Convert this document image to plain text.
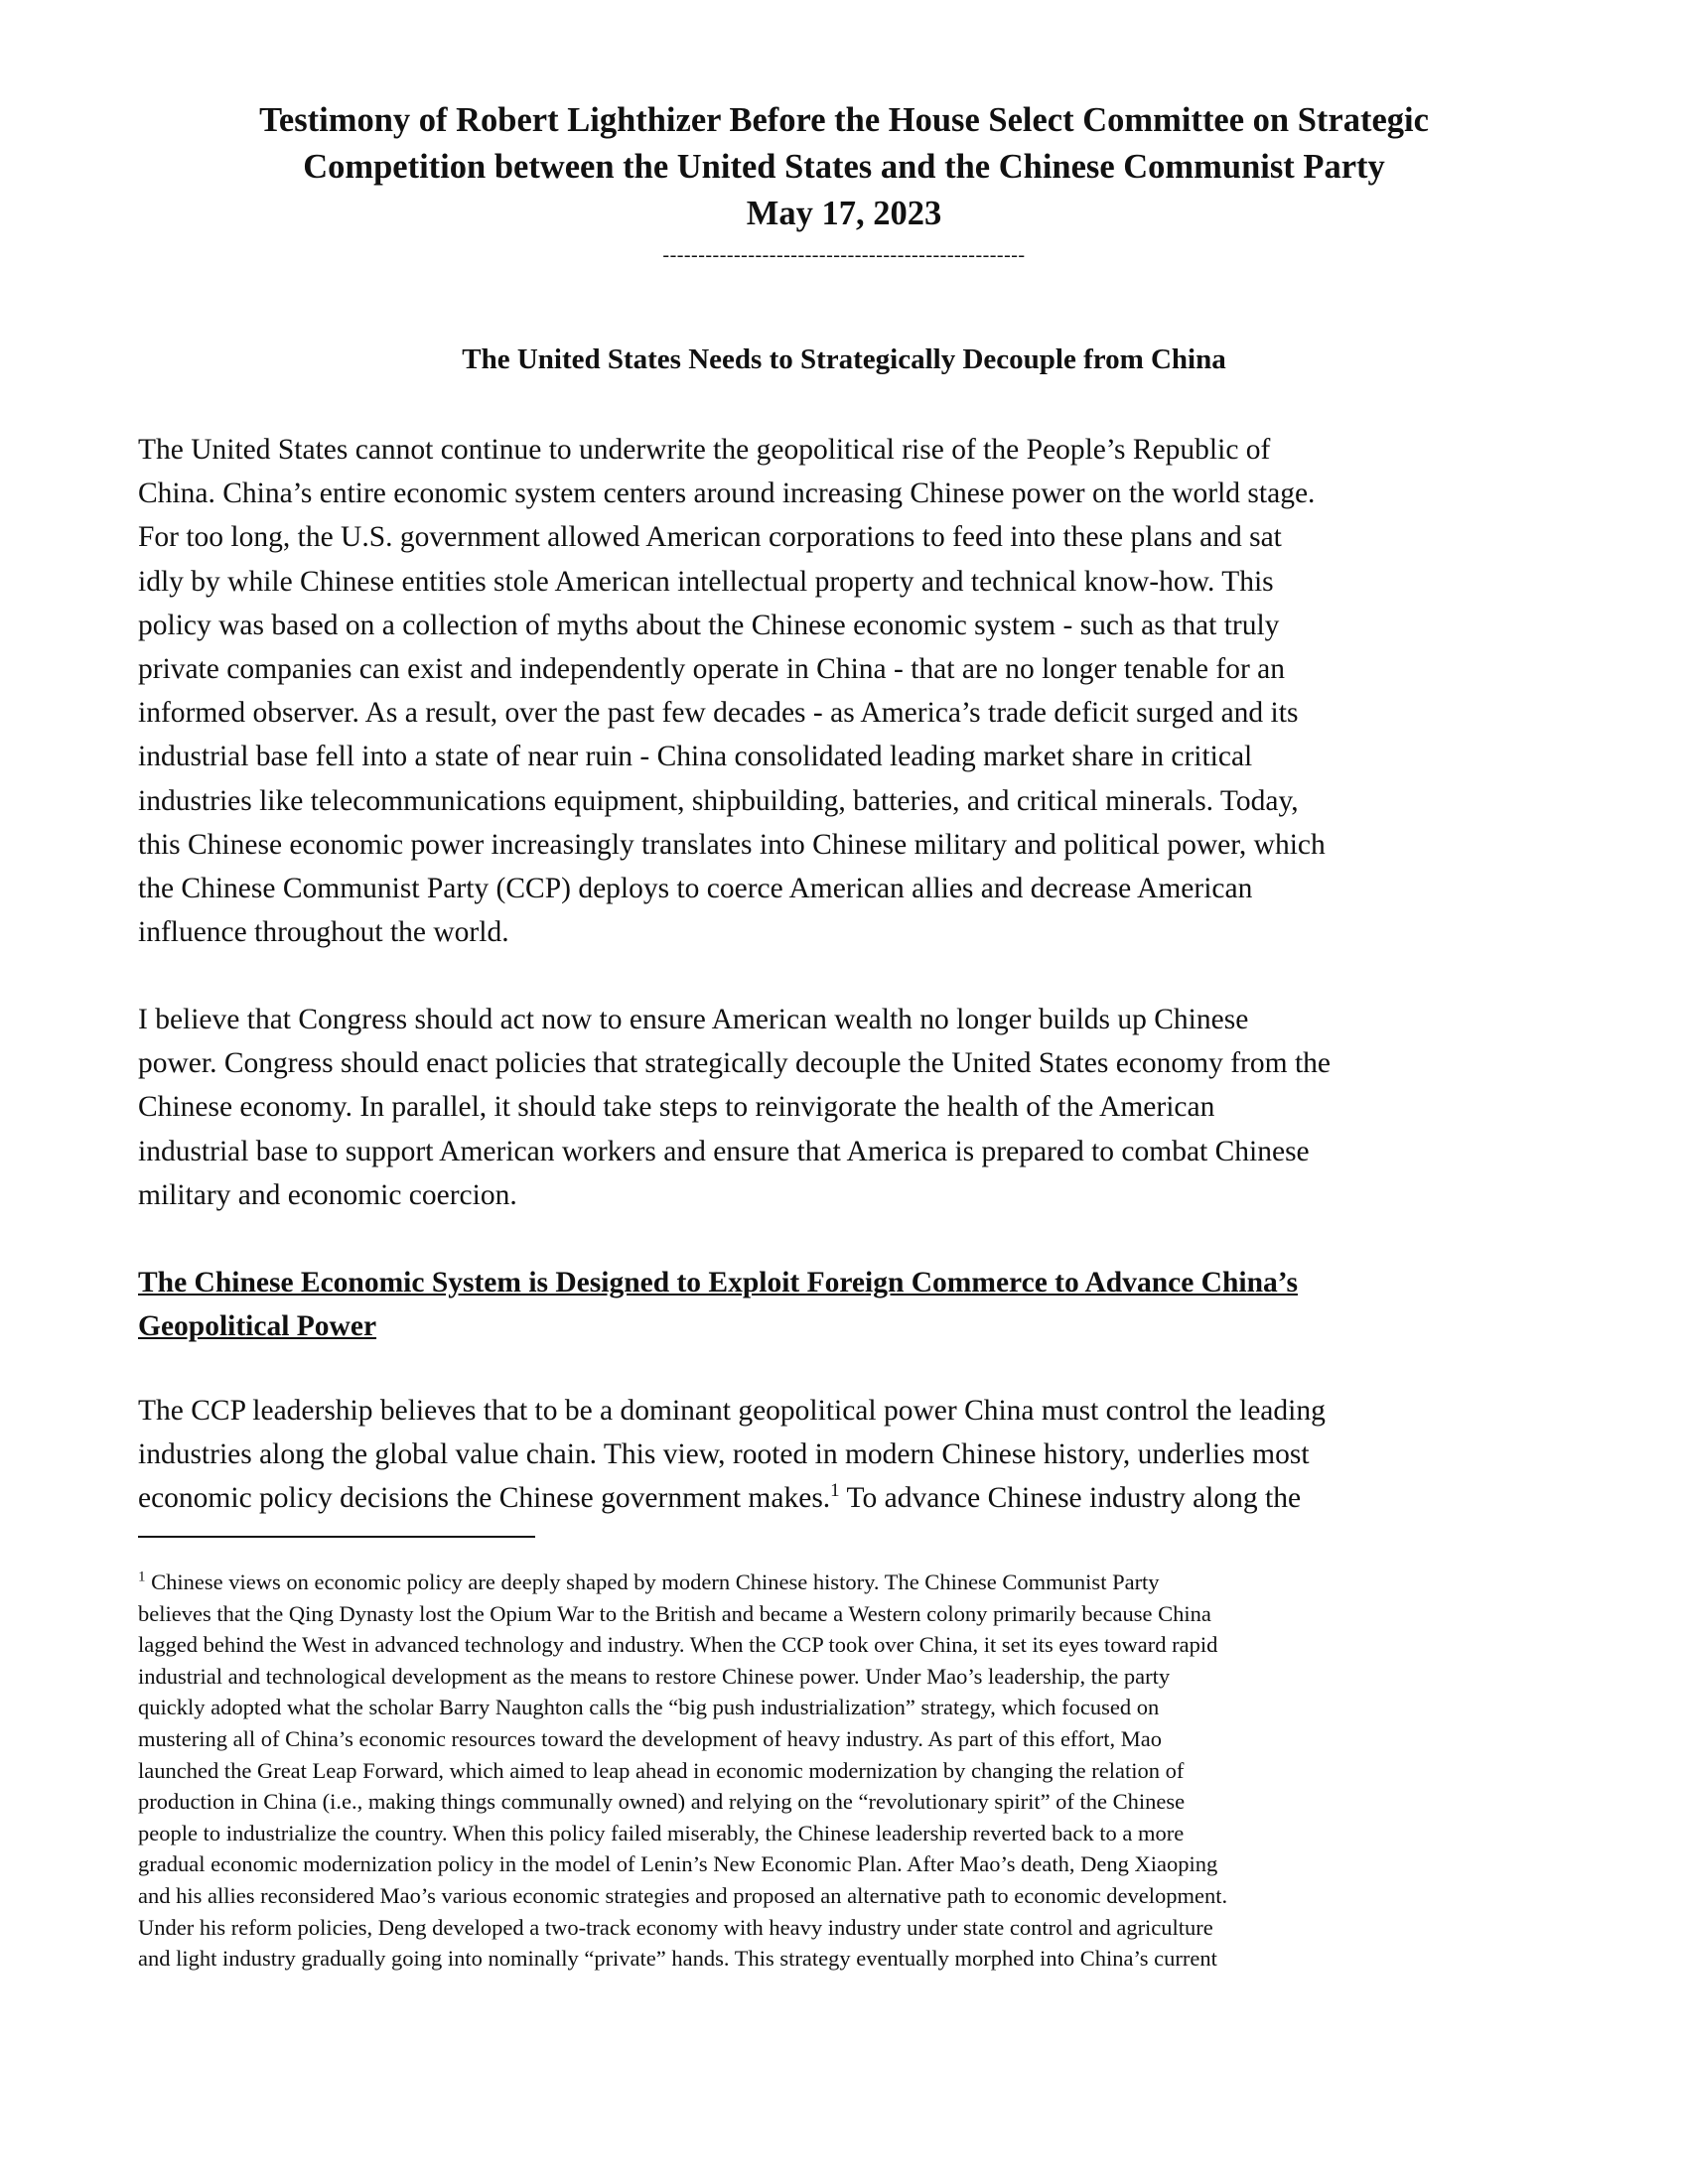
Testimony of Robert Lighthizer Before the House Select Committee on Strategic
Competition between the United States and the Chinese Communist Party
May 17, 2023
---------------------------------------------------
The United States Needs to Strategically Decouple from China
The United States cannot continue to underwrite the geopolitical rise of the People’s Republic of
China. China’s entire economic system centers around increasing Chinese power on the world stage.
For too long, the U.S. government allowed American corporations to feed into these plans and sat
idly by while Chinese entities stole American intellectual property and technical know-how. This
policy was based on a collection of myths about the Chinese economic system - such as that truly
private companies can exist and independently operate in China - that are no longer tenable for an
informed observer. As a result, over the past few decades - as America’s trade deficit surged and its
industrial base fell into a state of near ruin - China consolidated leading market share in critical
industries like telecommunications equipment, shipbuilding, batteries, and critical minerals. Today,
this Chinese economic power increasingly translates into Chinese military and political power, which
the Chinese Communist Party (CCP) deploys to coerce American allies and decrease American
influence throughout the world.
I believe that Congress should act now to ensure American wealth no longer builds up Chinese
power. Congress should enact policies that strategically decouple the United States economy from the
Chinese economy. In parallel, it should take steps to reinvigorate the health of the American
industrial base to support American workers and ensure that America is prepared to combat Chinese
military and economic coercion.
The Chinese Economic System is Designed to Exploit Foreign Commerce to Advance China’s
Geopolitical Power
The CCP leadership believes that to be a dominant geopolitical power China must control the leading
industries along the global value chain. This view, rooted in modern Chinese history, underlies most
economic policy decisions the Chinese government makes.$^1$ To advance Chinese industry along the
$^1$ Chinese views on economic policy are deeply shaped by modern Chinese history. The Chinese Communist Party
believes that the Qing Dynasty lost the Opium War to the British and became a Western colony primarily because China
lagged behind the West in advanced technology and industry. When the CCP took over China, it set its eyes toward rapid
industrial and technological development as the means to restore Chinese power. Under Mao’s leadership, the party
quickly adopted what the scholar Barry Naughton calls the “big push industrialization” strategy, which focused on
mustering all of China’s economic resources toward the development of heavy industry. As part of this effort, Mao
launched the Great Leap Forward, which aimed to leap ahead in economic modernization by changing the relation of
production in China (i.e., making things communally owned) and relying on the “revolutionary spirit” of the Chinese
people to industrialize the country. When this policy failed miserably, the Chinese leadership reverted back to a more
gradual economic modernization policy in the model of Lenin’s New Economic Plan. After Mao’s death, Deng Xiaoping
and his allies reconsidered Mao’s various economic strategies and proposed an alternative path to economic development.
Under his reform policies, Deng developed a two-track economy with heavy industry under state control and agriculture
and light industry gradually going into nominally “private” hands. This strategy eventually morphed into China’s current
